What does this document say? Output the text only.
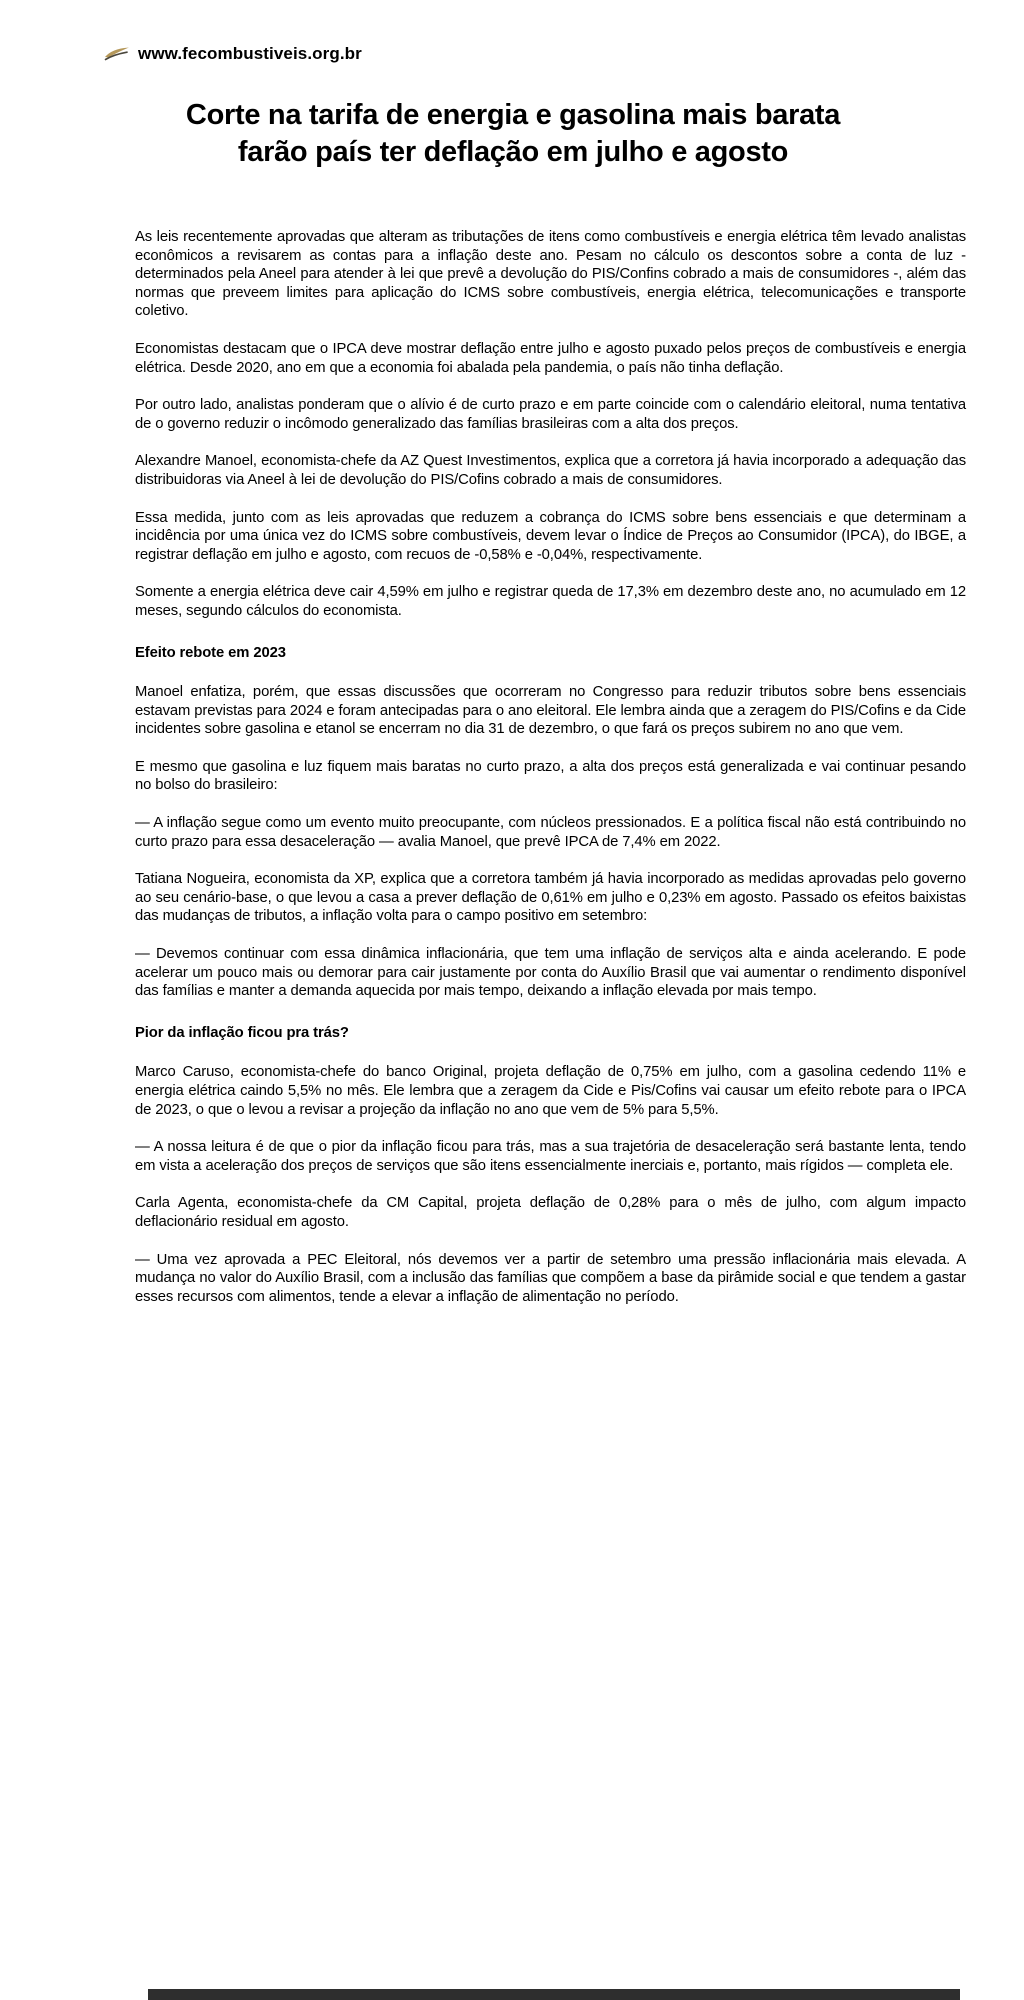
www.fecombustiveis.org.br
Corte na tarifa de energia e gasolina mais barata
farão país ter deflação em julho e agosto

As leis recentemente aprovadas que alteram as tributações de itens como combustíveis e energia elétrica têm levado analistas econômicos a revisarem as contas para a inflação deste ano. Pesam no cálculo os descontos sobre a conta de luz - determinados pela Aneel para atender à lei que prevê a devolução do PIS/Confins cobrado a mais de consumidores -, além das normas que preveem limites para aplicação do ICMS sobre combustíveis, energia elétrica, telecomunicações e transporte coletivo.

Economistas destacam que o IPCA deve mostrar deflação entre julho e agosto puxado pelos preços de combustíveis e energia elétrica. Desde 2020, ano em que a economia foi abalada pela pandemia, o país não tinha deflação.

Por outro lado, analistas ponderam que o alívio é de curto prazo e em parte coincide com o calendário eleitoral, numa tentativa de o governo reduzir o incômodo generalizado das famílias brasileiras com a alta dos preços.

Alexandre Manoel, economista-chefe da AZ Quest Investimentos, explica que a corretora já havia incorporado a adequação das distribuidoras via Aneel à lei de devolução do PIS/Cofins cobrado a mais de consumidores.

Essa medida, junto com as leis aprovadas que reduzem a cobrança do ICMS sobre bens essenciais e que determinam a incidência por uma única vez do ICMS sobre combustíveis, devem levar o Índice de Preços ao Consumidor (IPCA), do IBGE, a registrar deflação em julho e agosto, com recuos de -0,58% e -0,04%, respectivamente.

Somente a energia elétrica deve cair 4,59% em julho e registrar queda de 17,3% em dezembro deste ano, no acumulado em 12 meses, segundo cálculos do economista.

Efeito rebote em 2023

Manoel enfatiza, porém, que essas discussões que ocorreram no Congresso para reduzir tributos sobre bens essenciais estavam previstas para 2024 e foram antecipadas para o ano eleitoral. Ele lembra ainda que a zeragem do PIS/Cofins e da Cide incidentes sobre gasolina e etanol se encerram no dia 31 de dezembro, o que fará os preços subirem no ano que vem.

E mesmo que gasolina e luz fiquem mais baratas no curto prazo, a alta dos preços está generalizada e vai continuar pesando no bolso do brasileiro:

— A inflação segue como um evento muito preocupante, com núcleos pressionados. E a política fiscal não está contribuindo no curto prazo para essa desaceleração — avalia Manoel, que prevê IPCA de 7,4% em 2022.

Tatiana Nogueira, economista da XP, explica que a corretora também já havia incorporado as medidas aprovadas pelo governo ao seu cenário-base, o que levou a casa a prever deflação de 0,61% em julho e 0,23% em agosto. Passado os efeitos baixistas das mudanças de tributos, a inflação volta para o campo positivo em setembro:

— Devemos continuar com essa dinâmica inflacionária, que tem uma inflação de serviços alta e ainda acelerando. E pode acelerar um pouco mais ou demorar para cair justamente por conta do Auxílio Brasil que vai aumentar o rendimento disponível das famílias e manter a demanda aquecida por mais tempo, deixando a inflação elevada por mais tempo.

Pior da inflação ficou pra trás?

Marco Caruso, economista-chefe do banco Original, projeta deflação de 0,75% em julho, com a gasolina cedendo 11% e energia elétrica caindo 5,5% no mês. Ele lembra que a zeragem da Cide e Pis/Cofins vai causar um efeito rebote para o IPCA de 2023, o que o levou a revisar a projeção da inflação no ano que vem de 5% para 5,5%.

— A nossa leitura é de que o pior da inflação ficou para trás, mas a sua trajetória de desaceleração será bastante lenta, tendo em vista a aceleração dos preços de serviços que são itens essencialmente inerciais e, portanto, mais rígidos — completa ele.

Carla Agenta, economista-chefe da CM Capital, projeta deflação de 0,28% para o mês de julho, com algum impacto deflacionário residual em agosto.

— Uma vez aprovada a PEC Eleitoral, nós devemos ver a partir de setembro uma pressão inflacionária mais elevada. A mudança no valor do Auxílio Brasil, com a inclusão das famílias que compõem a base da pirâmide social e que tendem a gastar esses recursos com alimentos, tende a elevar a inflação de alimentação no período.
